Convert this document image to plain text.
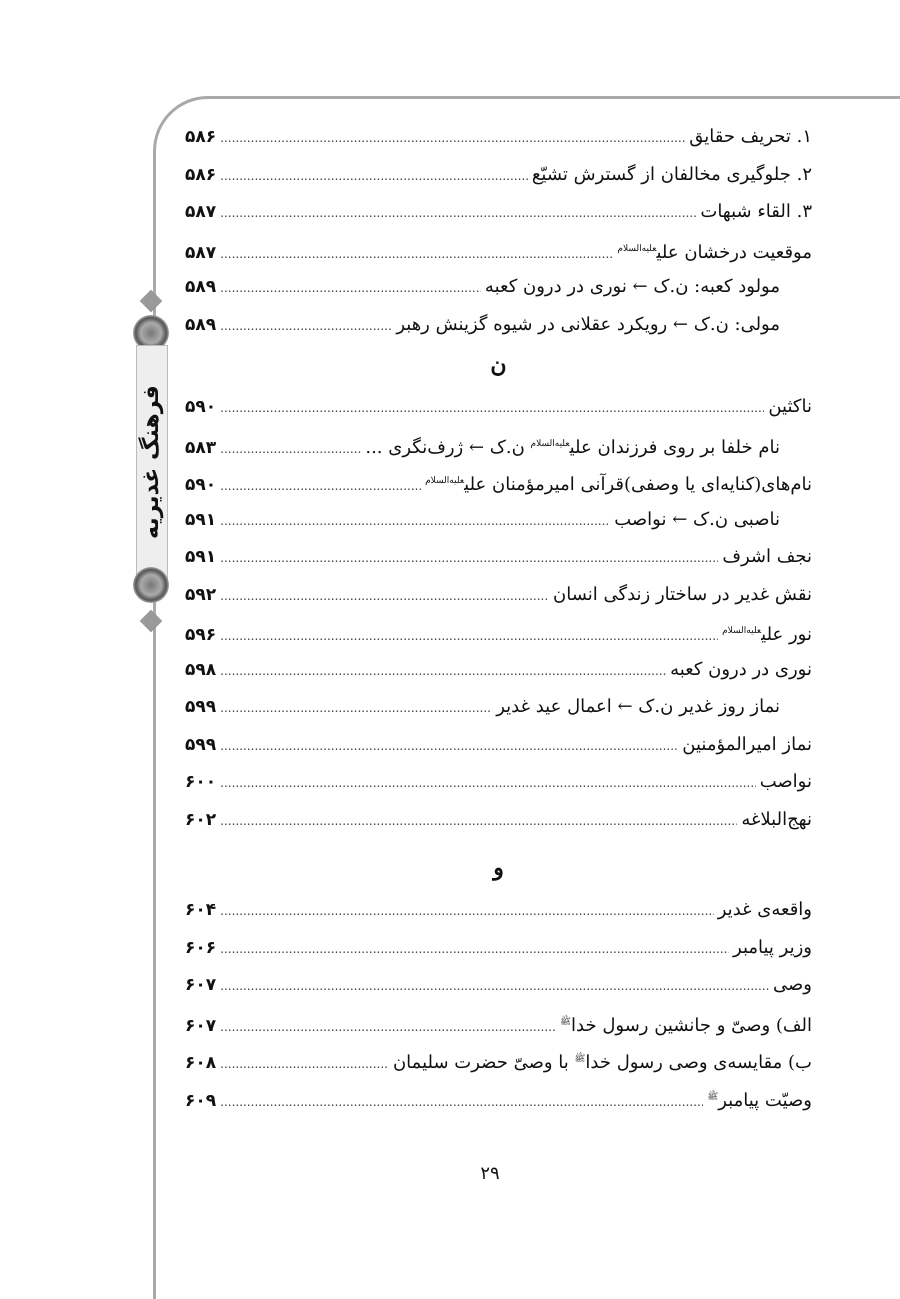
فرهنگ غدیریه
۱. تحریف حقایق
.....
۵۸۶
۲. جلوگیری مخالفان از گسترش تشیّع
.....
۵۸۶
۳. القاء شبهات
.....
۵۸۷
موقعیت درخشان علی$^{علیه‌السلام}$
.....
۵۸۷
مولود کعبه: ن.ک ← نوری در درون کعبه
.....
۵۸۹
مولی: ن.ک ← رویکرد عقلانی در شیوه گزینش رهبر
.....
۵۸۹
ن
ناکثین
.....
۵۹۰
نام خلفا بر روی فرزندان علی$^{علیه‌السلام}$ ن.ک ← ژرف‌نگری ...
.....
۵۸۳
نام‌های(کنایه‌ای یا وصفی)قرآنی امیرمؤمنان علی$^{علیه‌السلام}$
.....
۵۹۰
ناصبی ن.ک ← نواصب
.....
۵۹۱
نجف اشرف
.....
۵۹۱
نقش غدیر در ساختار زندگی انسان
.....
۵۹۲
نور علی$^{علیه‌السلام}$
.....
۵۹۶
نوری در درون کعبه
.....
۵۹۸
نماز روز غدیر ن.ک ← اعمال عید غدیر
.....
۵۹۹
نماز امیرالمؤمنین
.....
۵۹۹
نواصب
.....
۶۰۰
نهج‌البلاغه
.....
۶۰۲
و
واقعه‌ی غدیر
.....
۶۰۴
وزیر پیامبر
.....
۶۰۶
وصی
.....
۶۰۷
الف) وصیّ و جانشین رسول خدا$^ﷺ$
.....
۶۰۷
ب) مقایسه‌ی وصی رسول خدا$^ﷺ$ با وصیّ حضرت سلیمان
.....
۶۰۸
وصیّت پیامبر$^ﷺ$
.....
۶۰۹
۲۹
